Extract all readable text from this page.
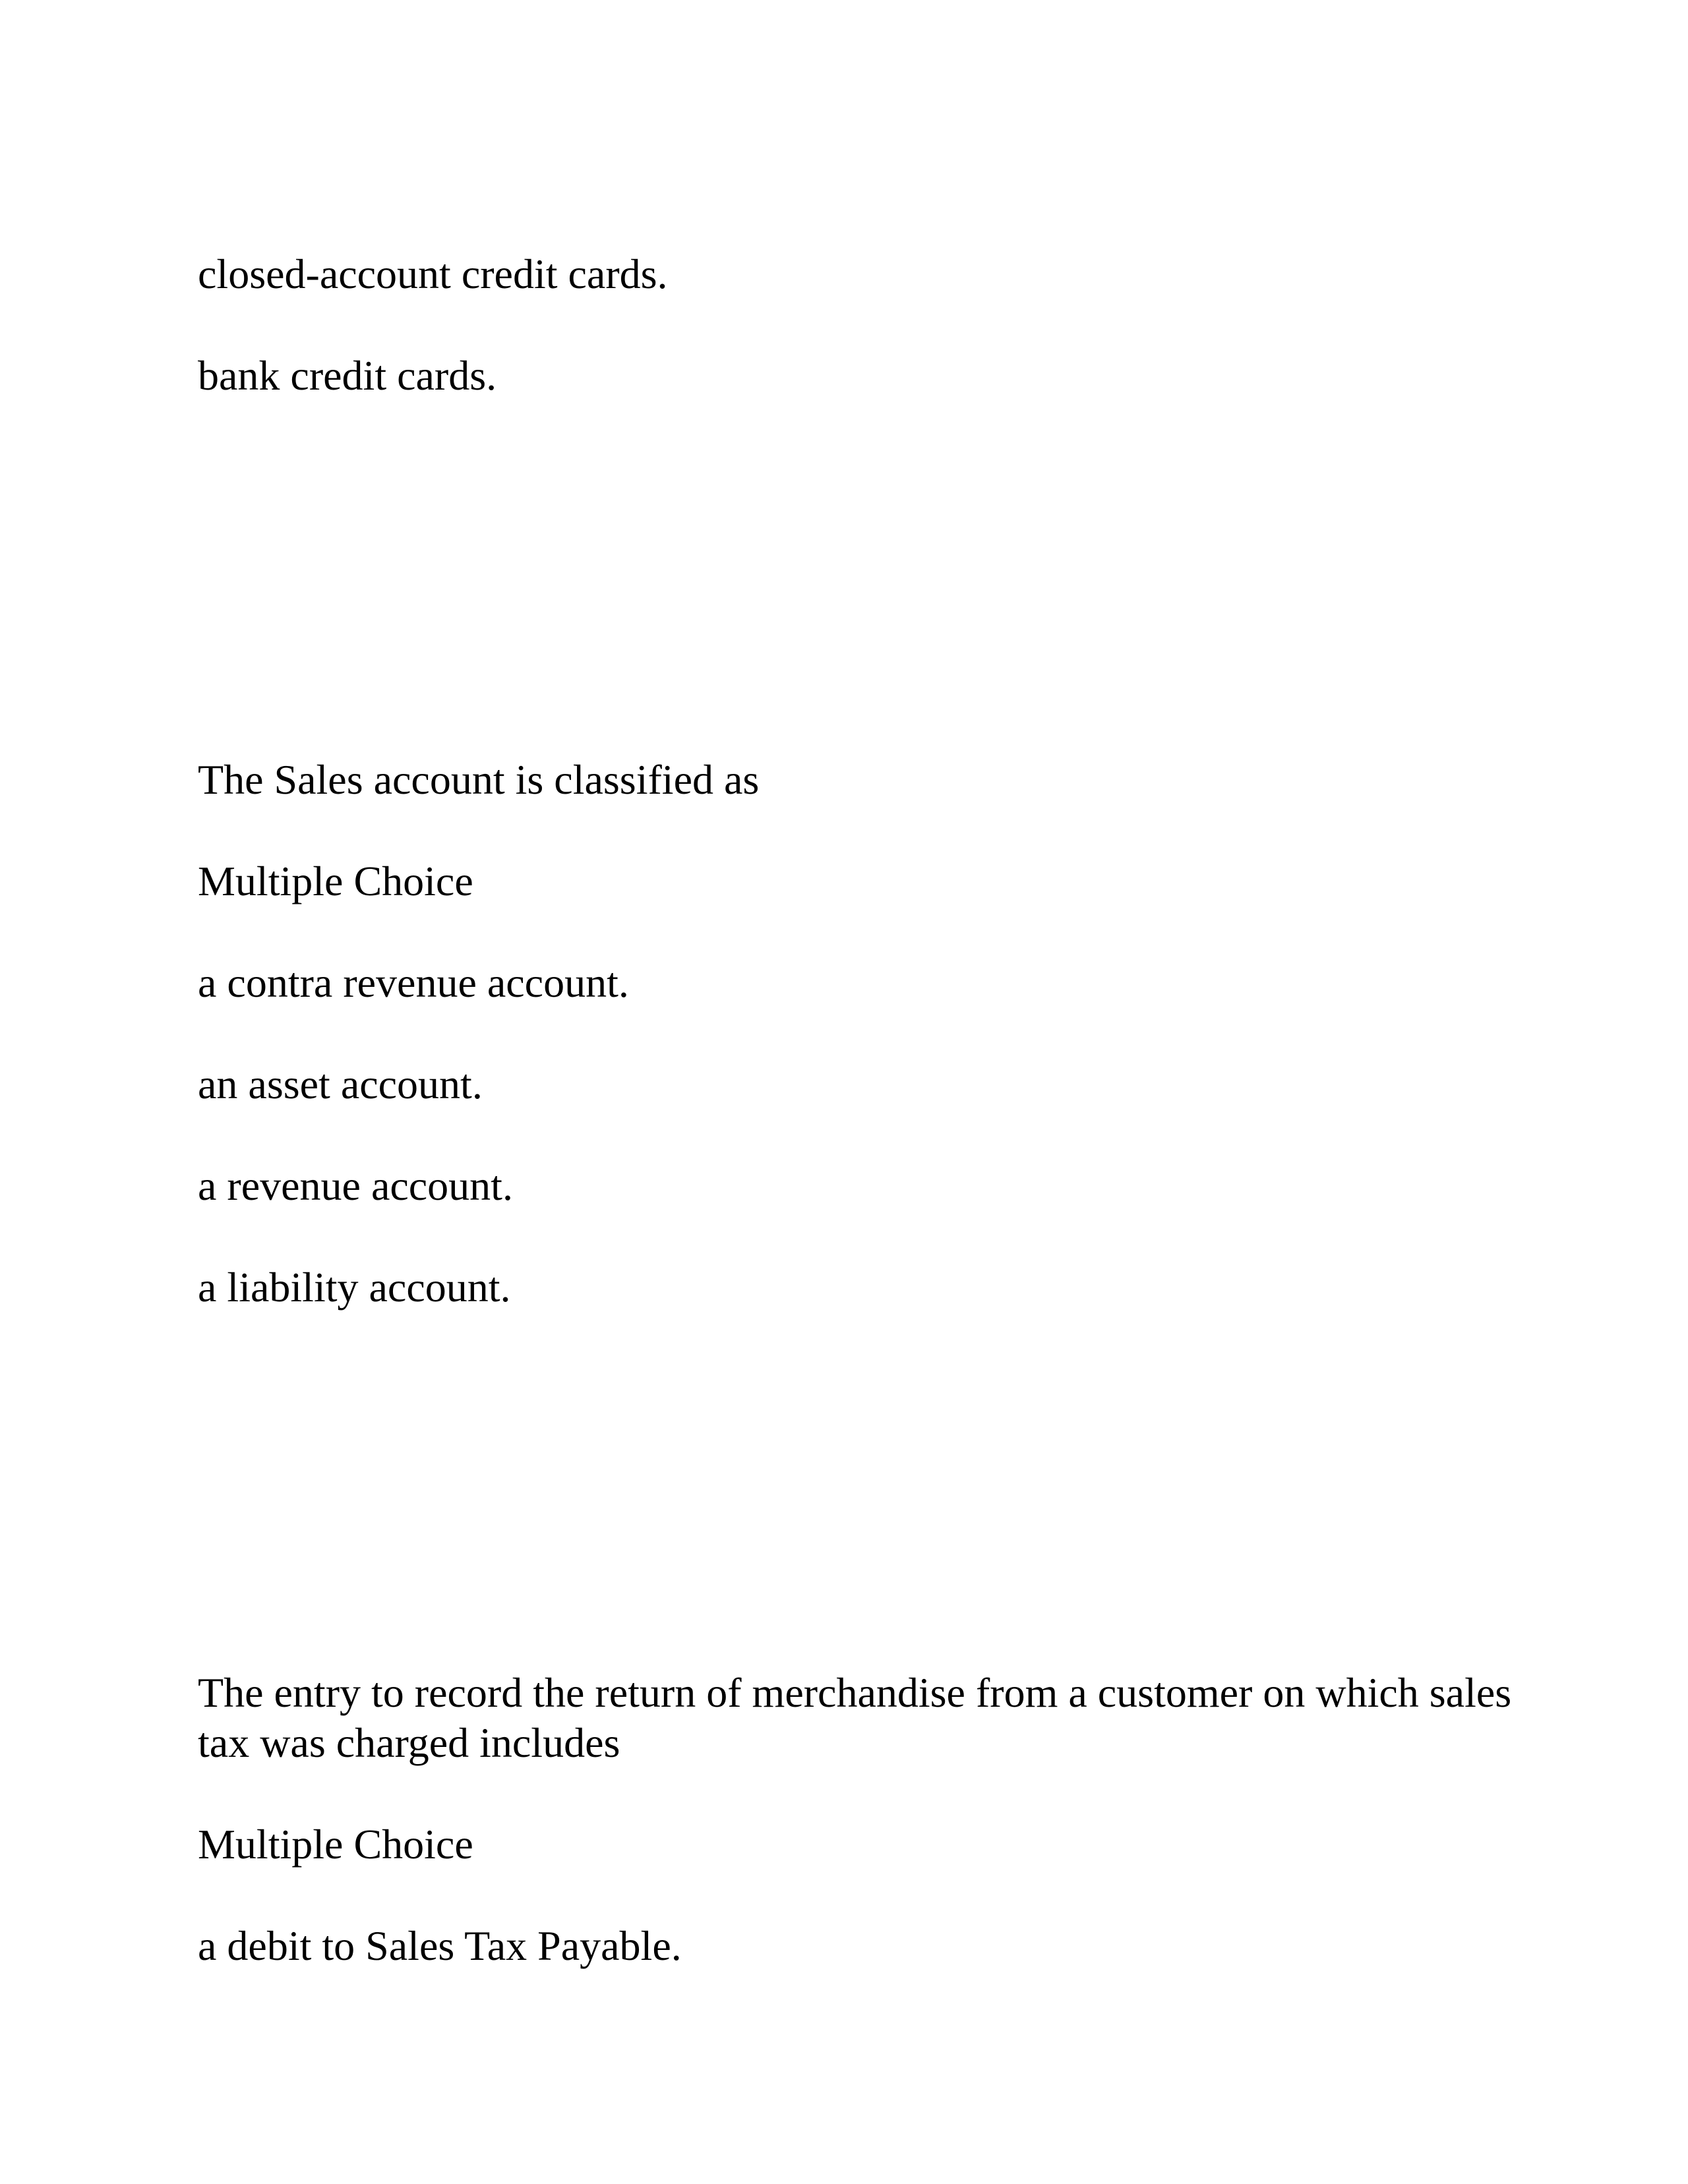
closed-account credit cards.

bank credit cards.

The Sales account is classified as

Multiple Choice

a contra revenue account.

an asset account.

a revenue account.

a liability account.

The entry to record the return of merchandise from a customer on which sales tax was charged includes

Multiple Choice

a debit to Sales Tax Payable.
